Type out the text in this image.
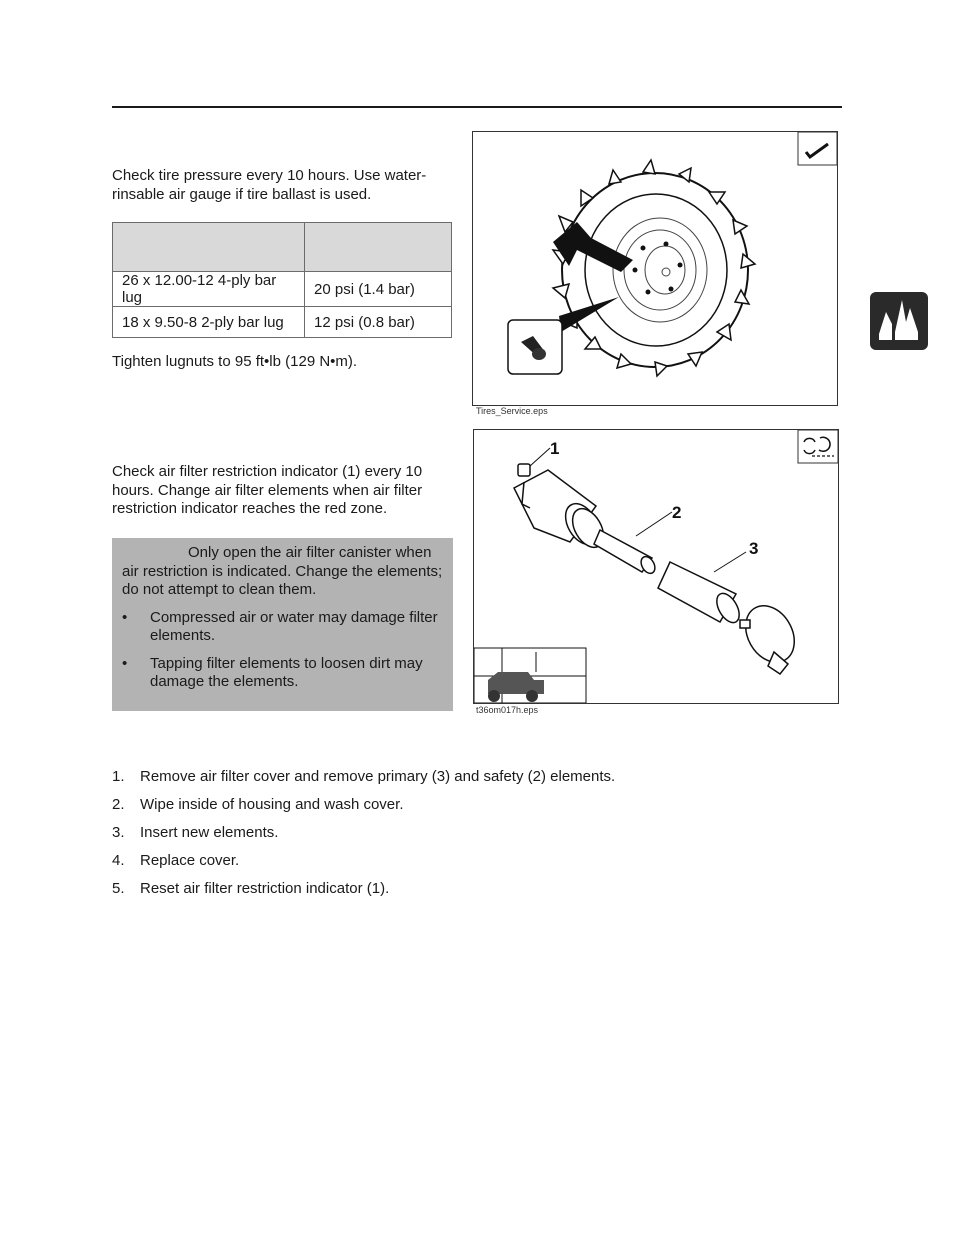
Check tire pressure every 10 hours. Use water-rinsable air gauge if tire ballast is used.

26 x 12.00-12 4-ply bar lug	20 psi (1.4 bar)
18 x 9.50-8 2-ply bar lug	12 psi (0.8 bar)

Tighten lugnuts to 95 ft•lb (129 N•m).

Tires_Service.eps

Check air filter restriction indicator (1) every 10 hours. Change air filter elements when air filter restriction indicator reaches the red zone.

Only open the air filter canister when air restriction is indicated. Change the elements; do not attempt to clean them.

• Compressed air or water may damage filter elements.
• Tapping filter elements to loosen dirt may damage the elements.
1
2
3
t36om017h.eps
1. Remove air filter cover and remove primary (3) and safety (2) elements.
2. Wipe inside of housing and wash cover.
3. Insert new elements.
4. Replace cover.
5. Reset air filter restriction indicator (1).
